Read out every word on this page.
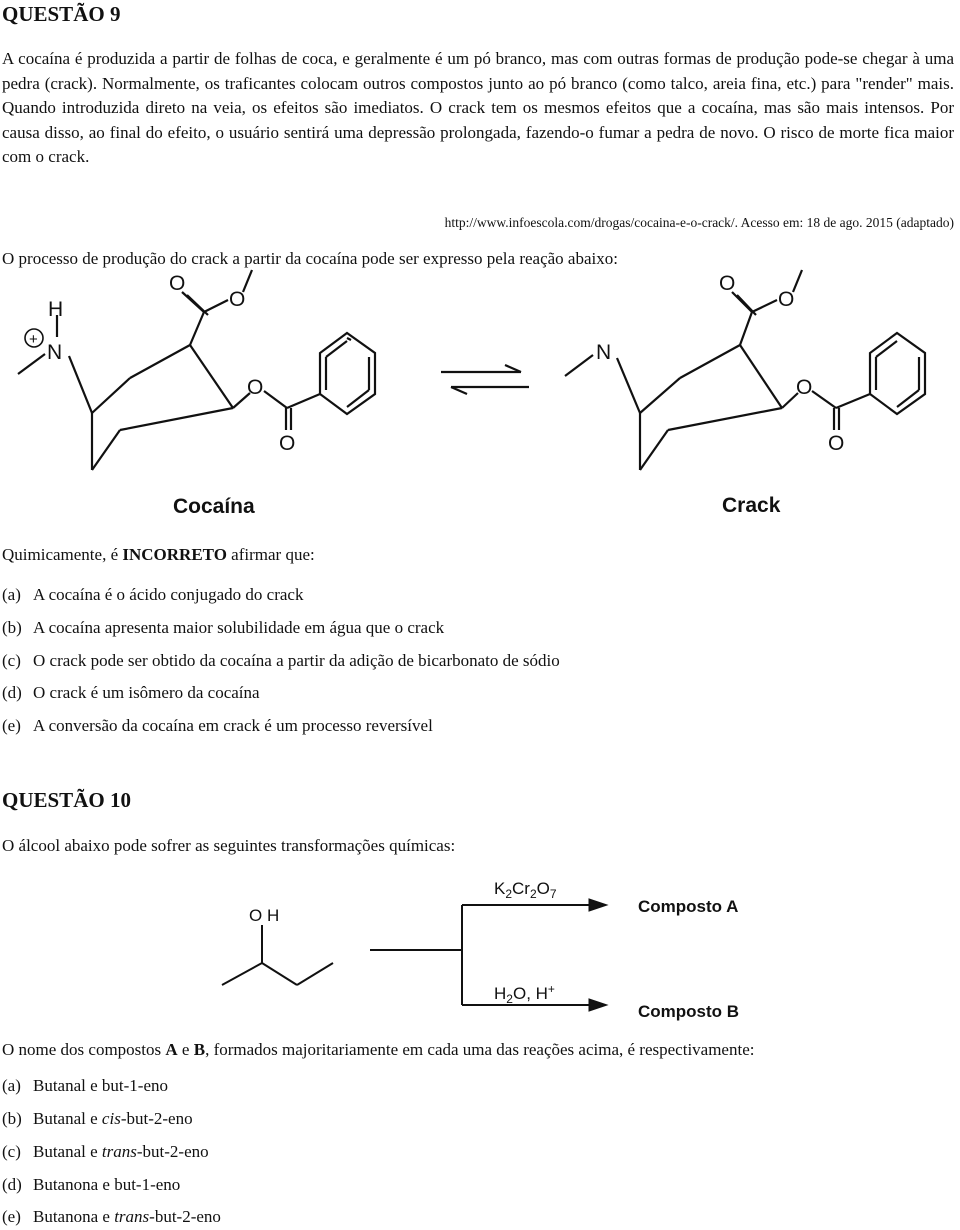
QUESTÃO 9

A cocaína é produzida a partir de folhas de coca, e geralmente é um pó branco, mas com outras formas de produção pode-se chegar à uma pedra (crack). Normalmente, os traficantes colocam outros compostos junto ao pó branco (como talco, areia fina, etc.) para "render" mais. Quando introduzida direto na veia, os efeitos são imediatos. O crack tem os mesmos efeitos que a cocaína, mas são mais intensos. Por causa disso, ao final do efeito, o usuário sentirá uma depressão prolongada, fazendo-o fumar a pedra de novo. O risco de morte fica maior com o crack.

http://www.infoescola.com/drogas/cocaina-e-o-crack/. Acesso em: 18 de ago. 2015 (adaptado)

O processo de produção do crack a partir da cocaína pode ser expresso pela reação abaixo:

H
N
+
O
O
O
O
N
O
O
O
O
Cocaína	Crack

Quimicamente, é INCORRETO afirmar que:

(a) A cocaína é o ácido conjugado do crack

(b) A cocaína apresenta maior solubilidade em água que o crack

(c) O crack pode ser obtido da cocaína a partir da adição de bicarbonato de sódio

(d) O crack é um isômero da cocaína

(e) A conversão da cocaína em crack é um processo reversível

QUESTÃO 10

O álcool abaixo pode sofrer as seguintes transformações químicas:

O H
$K_2Cr_2O_7$
$H_2O$, H+
Composto A
Composto B

O nome dos compostos A e B, formados majoritariamente em cada uma das reações acima, é respectivamente:

(a) Butanal e but-1-eno

(b) Butanal e cis-but-2-eno

(c) Butanal e trans-but-2-eno

(d) Butanona e but-1-eno

(e) Butanona e trans-but-2-eno
